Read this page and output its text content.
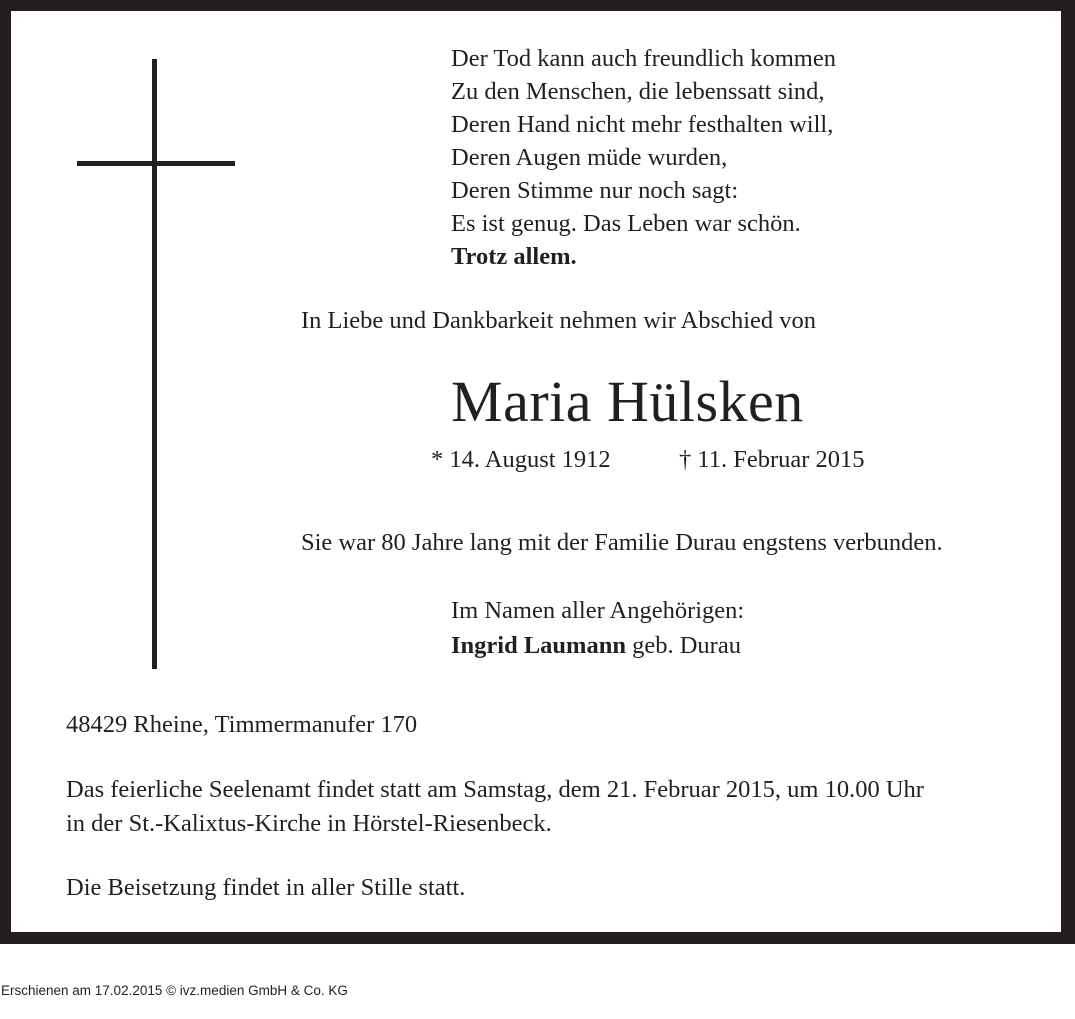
Der Tod kann auch freundlich kommen
Zu den Menschen, die lebenssatt sind,
Deren Hand nicht mehr festhalten will,
Deren Augen müde wurden,
Deren Stimme nur noch sagt:
Es ist genug. Das Leben war schön.
Trotz allem.

In Liebe und Dankbarkeit nehmen wir Abschied von

Maria Hülsken

* 14. August 1912	† 11. Februar 2015

Sie war 80 Jahre lang mit der Familie Durau engstens verbunden.

Im Namen aller Angehörigen:

Ingrid Laumann geb. Durau

48429 Rheine, Timmermanufer 170

Das feierliche Seelenamt findet statt am Samstag, dem 21. Februar 2015, um 10.00 Uhr
in der St.-Kalixtus-Kirche in Hörstel-Riesenbeck.

Die Beisetzung findet in aller Stille statt.

Erschienen am 17.02.2015 © ivz.medien GmbH & Co. KG
